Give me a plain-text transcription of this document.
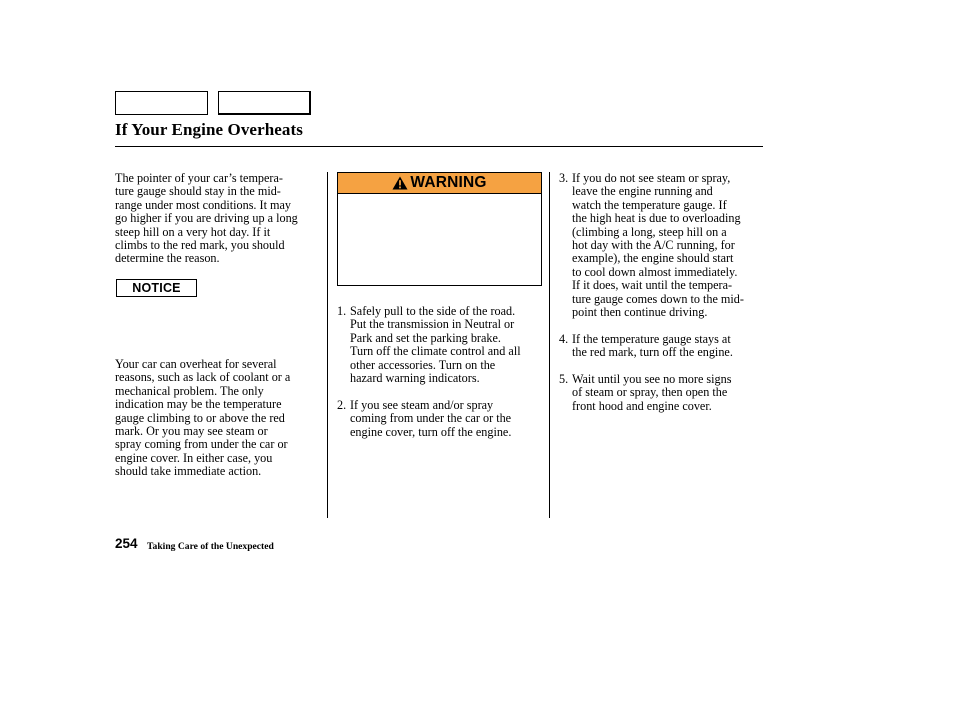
If Your Engine Overheats
The pointer of your car’s tempera-
ture gauge should stay in the mid-
range under most conditions. It may
go higher if you are driving up a long
steep hill on a very hot day. If it
climbs to the red mark, you should
determine the reason.
NOTICE
Your car can overheat for several
reasons, such as lack of coolant or a
mechanical problem. The only
indication may be the temperature
gauge climbing to or above the red
mark. Or you may see steam or
spray coming from under the car or
engine cover. In either case, you
should take immediate action.
WARNING
1. Safely pull to the side of the road.
Put the transmission in Neutral or
Park and set the parking brake.
Turn off the climate control and all
other accessories. Turn on the
hazard warning indicators.
2. If you see steam and/or spray
coming from under the car or the
engine cover, turn off the engine.
3. If you do not see steam or spray,
leave the engine running and
watch the temperature gauge. If
the high heat is due to overloading
(climbing a long, steep hill on a
hot day with the A/C running, for
example), the engine should start
to cool down almost immediately.
If it does, wait until the tempera-
ture gauge comes down to the mid-
point then continue driving.
4. If the temperature gauge stays at
the red mark, turn off the engine.
5. Wait until you see no more signs
of steam or spray, then open the
front hood and engine cover.
254 Taking Care of the Unexpected
